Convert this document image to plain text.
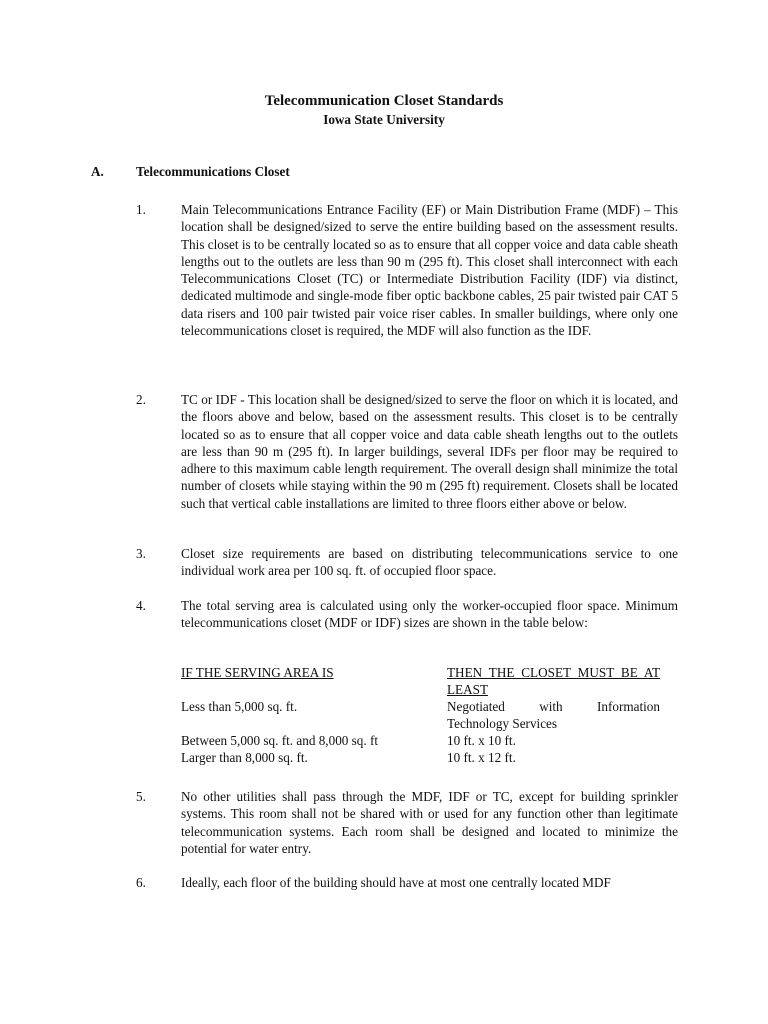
Telecommunication Closet Standards
Iowa State University
A. Telecommunications Closet
1.	Main Telecommunications Entrance Facility (EF) or Main Distribution Frame (MDF) – This location shall be designed/sized to serve the entire building based on the assessment results. This closet is to be centrally located so as to ensure that all copper voice and data cable sheath lengths out to the outlets are less than 90 m (295 ft). This closet shall interconnect with each Telecommunications Closet (TC) or Intermediate Distribution Facility (IDF) via distinct, dedicated multimode and single-mode fiber optic backbone cables, 25 pair twisted pair CAT 5 data risers and 100 pair twisted pair voice riser cables. In smaller buildings, where only one telecommunications closet is required, the MDF will also function as the IDF.
2.	TC or IDF - This location shall be designed/sized to serve the floor on which it is located, and the floors above and below, based on the assessment results. This closet is to be centrally located so as to ensure that all copper voice and data cable sheath lengths out to the outlets are less than 90 m (295 ft). In larger buildings, several IDFs per floor may be required to adhere to this maximum cable length requirement. The overall design shall minimize the total number of closets while staying within the 90 m (295 ft) requirement. Closets shall be located such that vertical cable installations are limited to three floors either above or below.
3.	Closet size requirements are based on distributing telecommunications service to one individual work area per 100 sq. ft. of occupied floor space.
4.	The total serving area is calculated using only the worker-occupied floor space. Minimum telecommunications closet (MDF or IDF) sizes are shown in the table below:
IF THE SERVING AREA IS	THEN THE CLOSET MUST BE AT LEAST
Less than 5,000 sq. ft.	Negotiated with Information Technology Services
Between 5,000 sq. ft. and 8,000 sq. ft	10 ft. x 10 ft.
Larger than 8,000 sq. ft.	10 ft. x 12 ft.
5.	No other utilities shall pass through the MDF, IDF or TC, except for building sprinkler systems. This room shall not be shared with or used for any function other than legitimate telecommunication systems. Each room shall be designed and located to minimize the potential for water entry.
6.	Ideally, each floor of the building should have at most one centrally located MDF
